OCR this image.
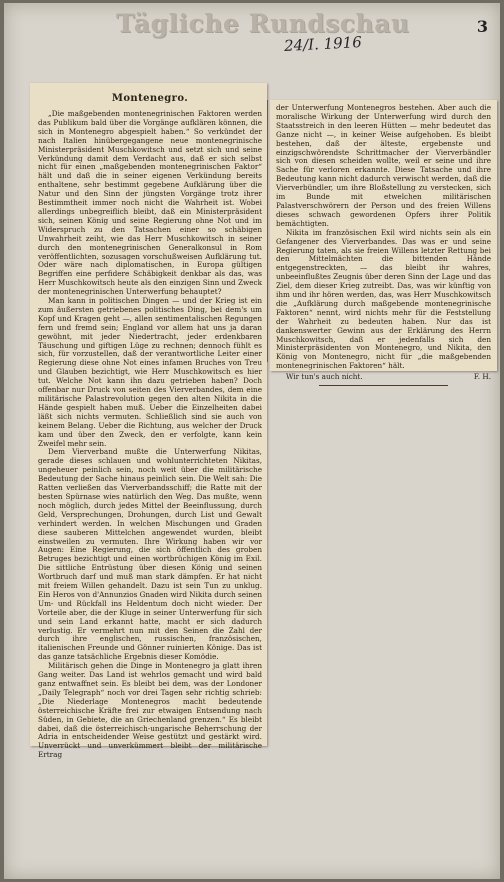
Tägliche Rundschau	3
24/I. 1916
Montenegro.

„Die maßgebenden montenegrinischen Faktoren werden das Publikum bald über die Vorgänge aufklären können, die sich in Montenegro abgespielt haben.“ So verkündet der nach Italien hinübergegangene neue montenegrinische Ministerpräsident Muschkowitsch und setzt sich und seine Verkündung damit dem Verdacht aus, daß er sich selbst nicht für einen „maßgebenden montenegrinischen Faktor“ hält und daß die in seiner eigenen Verkündung bereits enthaltene, sehr bestimmt gegebene Aufklärung über die Natur und den Sinn der jüngsten Vorgänge trotz ihrer Bestimmtheit immer noch nicht die Wahrheit ist. Wobei allerdings unbegreiflich bleibt, daß ein Ministerpräsident sich, seinen König und seine Regierung ohne Not und im Widerspruch zu den Tatsachen einer so schäbigen Unwahrheit zeiht, wie das Herr Muschkowitsch in seiner durch den montenegrinischen Generalkonsul in Rom veröffentlichten, sozusagen vorschußweisen Aufklärung tut. Oder wäre nach diplomatischen, in Europa gültigen Begriffen eine perfidere Schäbigkeit denkbar als das, was Herr Muschkowitsch heute als den einzigen Sinn und Zweck der montenegrinischen Unterwerfung behauptet?

Man kann in politischen Dingen — und der Krieg ist ein zum äußersten getriebenes politisches Ding, bei dem's um Kopf und Kragen geht —, allen sentimentalischen Regungen fern und fremd sein; England vor allem hat uns ja daran gewöhnt, mit jeder Niedertracht, jeder erdenkbaren Täuschung und giftigen Lüge zu rechnen; dennoch fühlt es sich, für vorzustellen, daß der verantwortliche Leiter einer Regierung diese ohne Not eines infamen Bruches von Treu und Glauben bezichtigt, wie Herr Muschkowitsch es hier tut. Welche Not kann ihn dazu getrieben haben? Doch offenbar nur Druck von seiten des Vierverbandes, dem eine militärische Palastrevolution gegen den alten Nikita in die Hände gespielt haben muß. Ueber die Einzelheiten dabei läßt sich nichts vermuten. Schließlich sind sie auch von keinem Belang. Ueber die Richtung, aus welcher der Druck kam und über den Zweck, den er verfolgte, kann kein Zweifel mehr sein.

Dem Vierverband mußte die Unterwerfung Nikitas, gerade dieses schlauen und wohlunterrichteten Nikitas, ungeheuer peinlich sein, noch weit über die militärische Bedeutung der Sache hinaus peinlich sein. Die Welt sah: Die Ratten verließen das Vierverbandsschiff; die Ratte mit der besten Spürnase wies natürlich den Weg. Das mußte, wenn noch möglich, durch jedes Mittel der Beeinflussung, durch Geld, Versprechungen, Drohungen, durch List und Gewalt verhindert werden. In welchen Mischungen und Graden diese sauberen Mittelchen angewendet wurden, bleibt einstweilen zu vermuten. Ihre Wirkung haben wir vor Augen: Eine Regierung, die sich öffentlich des groben Betruges bezichtigt und einen wortbrüchigen König im Exil. Die sittliche Entrüstung über diesen König und seinen Wortbruch darf und muß man stark dämpfen. Er hat nicht mit freiem Willen gehandelt. Dazu ist sein Tun zu unklug. Ein Heros von d'Annunzios Gnaden wird Nikita durch seinen Um- und Rückfall ins Heldentum doch nicht wieder. Der Vorteile aber, die der Kluge in seiner Unterwerfung für sich und sein Land erkannt hatte, macht er sich dadurch verlustig. Er vermehrt nun mit den Seinen die Zahl der durch ihre englischen, russischen, französischen, italienischen Freunde und Gönner ruinierten Könige. Das ist das ganze tatsächliche Ergebnis dieser Komödie.

Militärisch gehen die Dinge in Montenegro ja glatt ihren Gang weiter. Das Land ist wehrlos gemacht und wird bald ganz entwaffnet sein. Es bleibt bei dem, was der Londoner „Daily Telegraph“ noch vor drei Tagen sehr richtig schrieb: „Die Niederlage Montenegros macht bedeutende österreichische Kräfte frei zur etwaigen Entsendung nach Süden, in Gebiete, die an Griechenland grenzen.“ Es bleibt dabei, daß die österreichisch-ungarische Beherrschung der Adria in entscheidender Weise gestützt und gestärkt wird. Unverrückt und unverkümmert bleibt der militärische Ertrag

der Unterwerfung Montenegros bestehen. Aber auch die moralische Wirkung der Unterwerfung wird durch den Staatsstreich in den leeren Hütten — mehr bedeutet das Ganze nicht —, in keiner Weise aufgehoben. Es bleibt bestehen, daß der älteste, ergebenste und einzigschwörendste Schrittmacher der Vierverbändler sich von diesen scheiden wollte, weil er seine und ihre Sache für verloren erkannte. Diese Tatsache und ihre Bedeutung kann nicht dadurch verwischt werden, daß die Vierverbündler, um ihre Bloßstellung zu verstecken, sich im Bunde mit etwelchen militärischen Palastverschwörern der Person und des freien Willens dieses schwach gewordenen Opfers ihrer Politik bemächtigten.

Nikita im französischen Exil wird nichts sein als ein Gefangener des Vierverbandes. Das was er und seine Regierung taten, als sie freien Willens letzter Rettung bei den Mittelmächten die bittenden Hände entgegenstreckten, — das bleibt ihr wahres, unbeeinflußtes Zeugnis über deren Sinn der Lage und das Ziel, dem dieser Krieg zutreibt. Das, was wir künftig von ihm und ihr hören werden, das, was Herr Muschkowitsch die „Aufklärung durch maßgebende montenegrinische Faktoren“ nennt, wird nichts mehr für die Feststellung der Wahrheit zu bedeuten haben. Nur das ist dankenswerter Gewinn aus der Erklärung des Herrn Muschkowitsch, daß er jedenfalls sich den Ministerpräsidenten von Montenegro, und Nikita, den König von Montenegro, nicht für „die maßgebenden montenegrinischen Faktoren“ hält.

Wir tun's auch nicht.	F. H.
